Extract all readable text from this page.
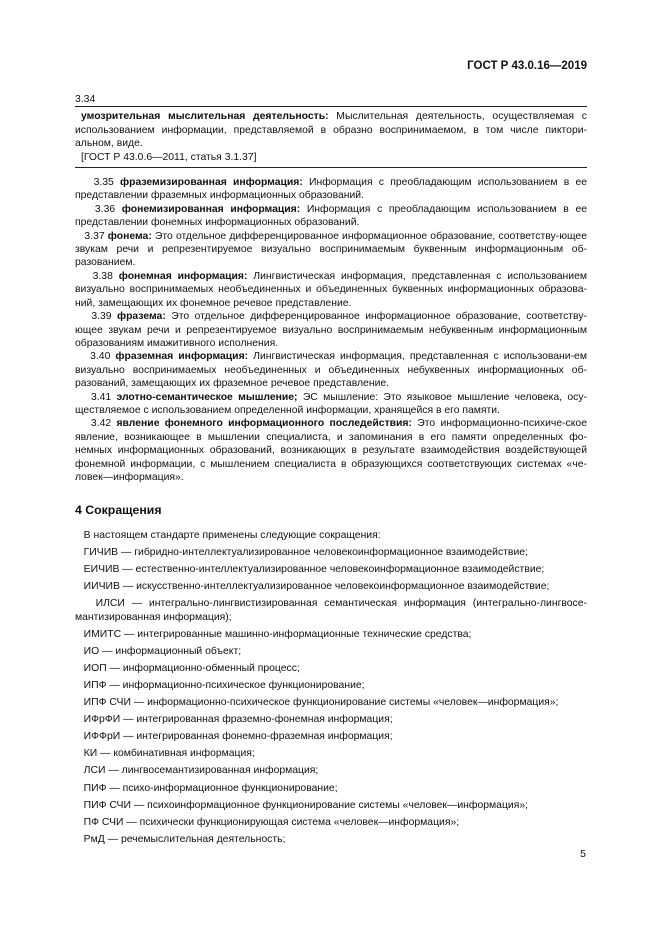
ГОСТ Р 43.0.16—2019

3.34

умозрительная мыслительная деятельность: Мыслительная деятельность, осуществляемая с использованием информации, представляемой в образно воспринимаемом, в том числе пиктори-альном, виде.

[ГОСТ Р 43.0.6—2011, статья 3.1.37]

3.35 фраземизированная информация: Информация с преобладающим использованием в ее представлении фраземных информационных образований.

3.36 фонемизированная информация: Информация с преобладающим использованием в ее представлении фонемных информационных образований.

3.37 фонема: Это отдельное дифференцированное информационное образование, соответству-ющее звукам речи и репрезентируемое визуально воспринимаемым буквенным информационным об-разованием.

3.38 фонемная информация: Лингвистическая информация, представленная с использованием визуально воспринимаемых необъединенных и объединенных буквенных информационных образова-ний, замещающих их фонемное речевое представление.

3.39 фразема: Это отдельное дифференцированное информационное образование, соответству-ющее звукам речи и репрезентируемое визуально воспринимаемым небуквенным информационным образованиям имажитивного исполнения.

3.40 фраземная информация: Лингвистическая информация, представленная с использовани-ем визуально воспринимаемых необъединенных и объединенных небуквенных информационных об-разований, замещающих их фраземное речевое представление.

3.41 элотно-семантическое мышление; ЭС мышление: Это языковое мышление человека, осу-ществляемое с использованием определенной информации, хранящейся в его памяти.

3.42 явление фонемного информационного последействия: Это информационно-психиче-ское явление, возникающее в мышлении специалиста, и запоминания в его памяти определенных фо-немных информационных образований, возникающих в результате взаимодействия воздействующей фонемной информации, с мышлением специалиста в образующихся соответствующих системах «че-ловек—информация».

4 Сокращения

В настоящем стандарте применены следующие сокращения:

ГИЧИВ — гибридно-интеллектуализированное человекоинформационное взаимодействие;

ЕИЧИВ — естественно-интеллектуализированное человекоинформационное взаимодействие;

ИИЧИВ — искусственно-интеллектуализированное человекоинформационное взаимодействие;

ИЛСИ — интегрально-лингвистизированная семантическая информация (интегрально-лингвосе-мантизированная информация);

ИМИТС — интегрированные машинно-информационные технические средства;

ИО — информационный объект;

ИОП — информационно-обменный процесс;

ИПФ — информационно-психическое функционирование;

ИПФ СЧИ — информационно-психическое функционирование системы «человек—информация»;

ИФрФИ — интегрированная фраземно-фонемная информация;

ИФФрИ — интегрированная фонемно-фраземная информация;

КИ — комбинативная информация;

ЛСИ — лингвосемантизированная информация;

ПИФ — психо-информационное функционирование;

ПИФ СЧИ — психоинформационное функционирование системы «человек—информация»;

ПФ СЧИ — психически функционирующая система «человек—информация»;

РмД — речемыслительная деятельность;

5
